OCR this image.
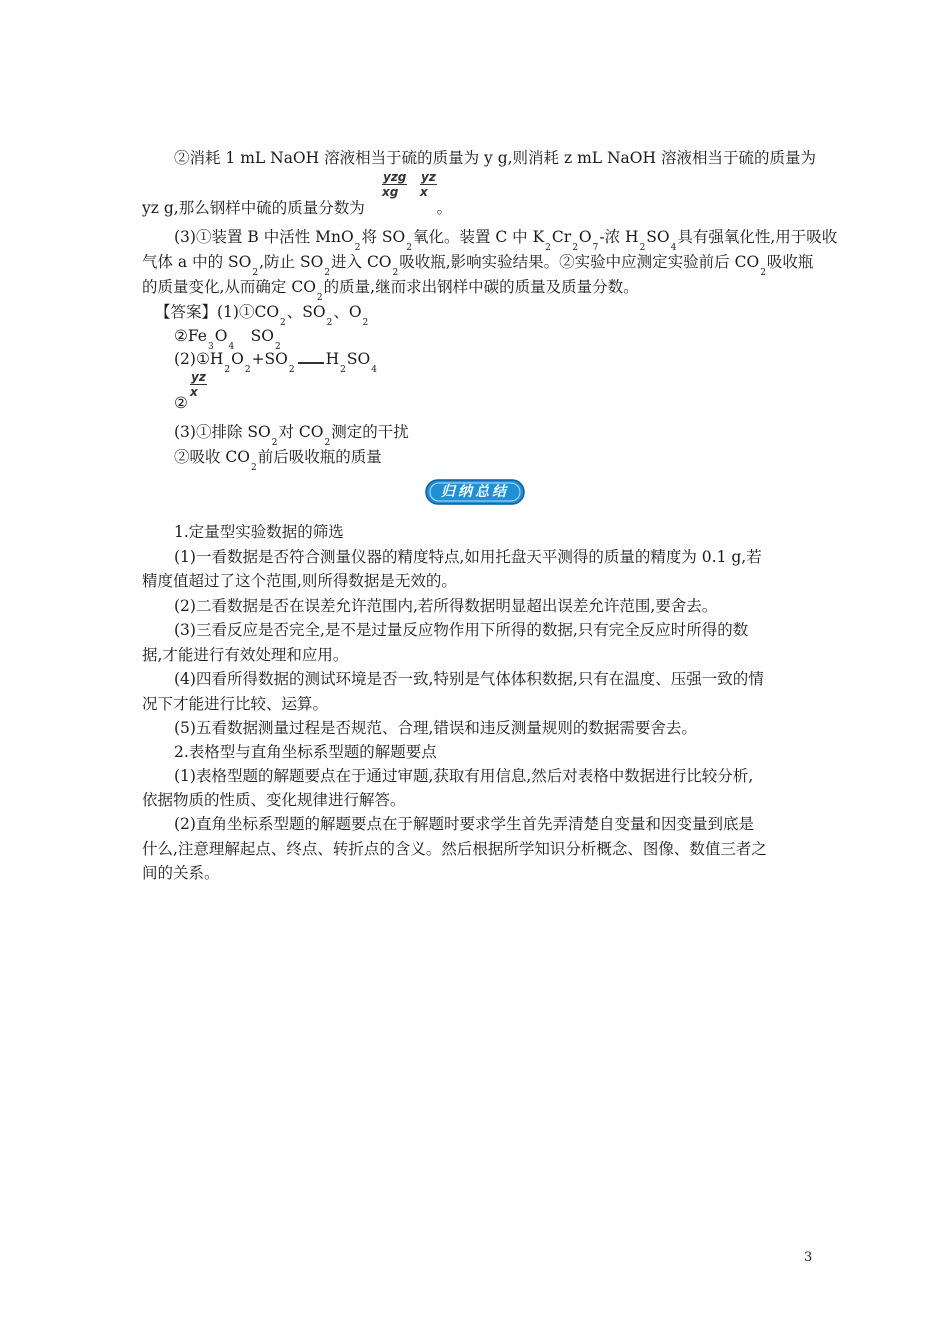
②消耗 1 mL NaOH 溶液相当于硫的质量为 y g,则消耗 z mL NaOH 溶液相当于硫的质量为
yzg
xg	$\frac{yz}{x}$
yz g,那么钢样中硫的质量分数为	。
(3)①装置 B 中活性 MnO$_2$将 $SO_2$氧化。装置 C 中 $K_2Cr_2O_7-$浓 $H_2SO_4$具有强氧化性,用于吸收
气体 a 中的 $SO_2$,防止 $SO_2$进入 $CO_2$吸收瓶,影响实验结果。②实验中应测定实验前后 $CO_2$吸收瓶
的质量变化,从而确定 $CO_2$的质量,继而求出钢样中碳的质量及质量分数。
【答案】$(1)①CO_2$、$SO_2$、$O_2$
$②Fe_3O_4$　$SO_2$
$(2)①H_2O_2+SO_2H_2SO_4$
$\frac{yz}{x}$
②
(3)①排除 $SO_2$对 $CO_2$测定的干扰
②吸收 $CO_2$前后吸收瓶的质量
归纳总结
1.定量型实验数据的筛选
(1)一看数据是否符合测量仪器的精度特点,如用托盘天平测得的质量的精度为 0.1 g,若
精度值超过了这个范围,则所得数据是无效的。
(2)二看数据是否在误差允许范围内,若所得数据明显超出误差允许范围,要舍去。
(3)三看反应是否完全,是不是过量反应物作用下所得的数据,只有完全反应时所得的数
据,才能进行有效处理和应用。
(4)四看所得数据的测试环境是否一致,特别是气体体积数据,只有在温度、压强一致的情
况下才能进行比较、运算。
(5)五看数据测量过程是否规范、合理,错误和违反测量规则的数据需要舍去。
2.表格型与直角坐标系型题的解题要点
(1)表格型题的解题要点在于通过审题,获取有用信息,然后对表格中数据进行比较分析,
依据物质的性质、变化规律进行解答。
(2)直角坐标系型题的解题要点在于解题时要求学生首先弄清楚自变量和因变量到底是
什么,注意理解起点、终点、转折点的含义。然后根据所学知识分析概念、图像、数值三者之
间的关系。
3
